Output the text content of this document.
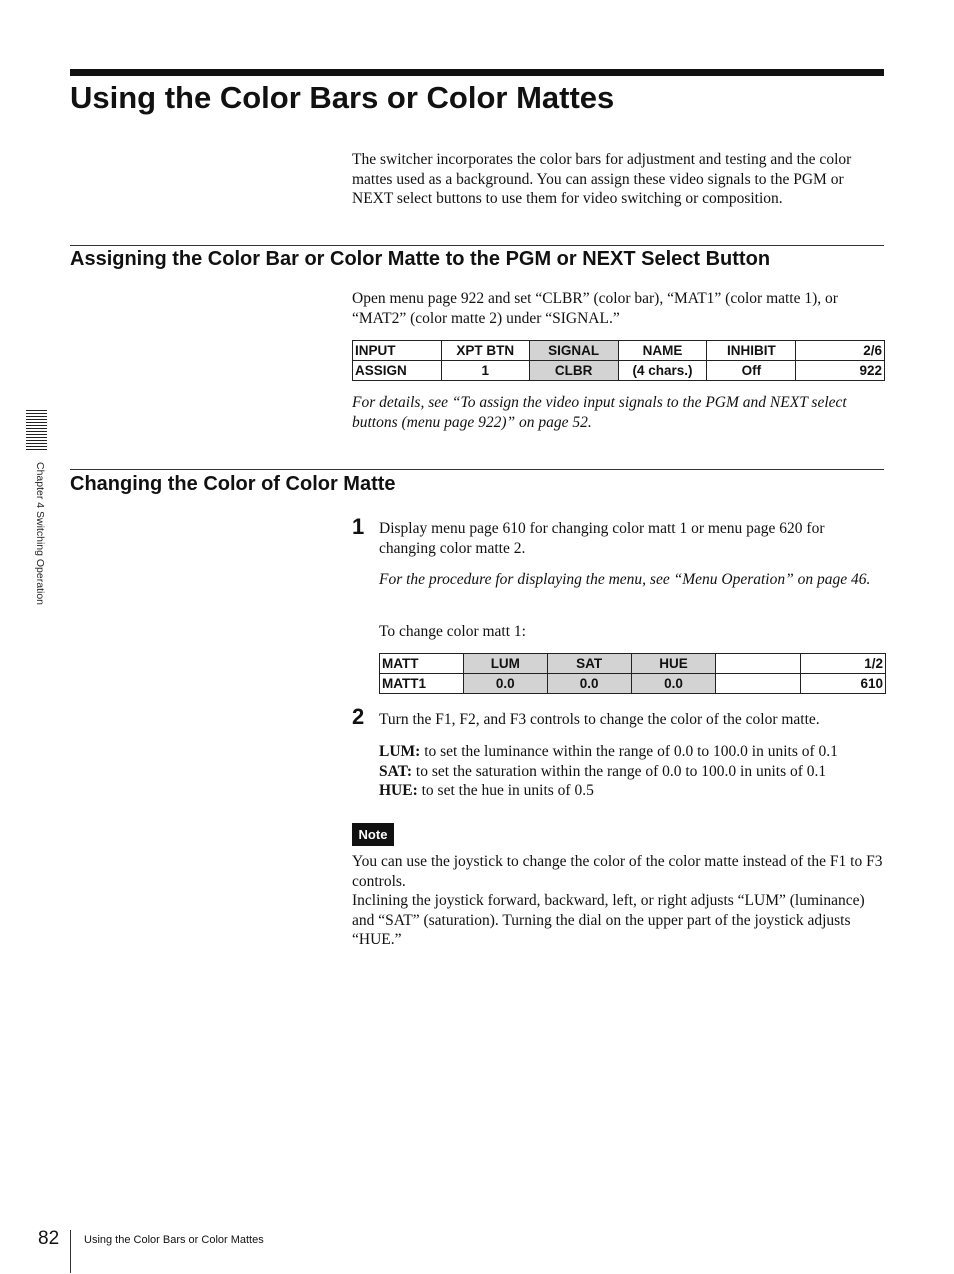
Using the Color Bars or Color Mattes

The switcher incorporates the color bars for adjustment and testing and the color mattes used as a background. You can assign these video signals to the PGM or NEXT select buttons to use them for video switching or composition.

Assigning the Color Bar or Color Matte to the PGM or NEXT Select Button

Open menu page 922 and set “CLBR” (color bar), “MAT1” (color matte 1), or “MAT2” (color matte 2) under “SIGNAL.”

INPUT	XPT BTN	SIGNAL	NAME	INHIBIT	2/6
ASSIGN	1	CLBR	(4 chars.)	Off	922

For details, see “To assign the video input signals to the PGM and NEXT select buttons (menu page 922)” on page 52.

Changing the Color of Color Matte
1 Display menu page 610 for changing color matt 1 or menu page 620 for changing color matte 2.

For the procedure for displaying the menu, see “Menu Operation” on page 46.

To change color matt 1:

MATT	LUM	SAT	HUE		1/2
MATT1	0.0	0.0	0.0		610
2 Turn the F1, F2, and F3 controls to change the color of the color matte.

LUM: to set the luminance within the range of 0.0 to 100.0 in units of 0.1
SAT: to set the saturation within the range of 0.0 to 100.0 in units of 0.1
HUE: to set the hue in units of 0.5
Note

You can use the joystick to change the color of the color matte instead of the F1 to F3 controls.

Inclining the joystick forward, backward, left, or right adjusts “LUM” (luminance) and “SAT” (saturation). Turning the dial on the upper part of the joystick adjusts “HUE.”

Chapter 4 Switching Operation
82 Using the Color Bars or Color Mattes
